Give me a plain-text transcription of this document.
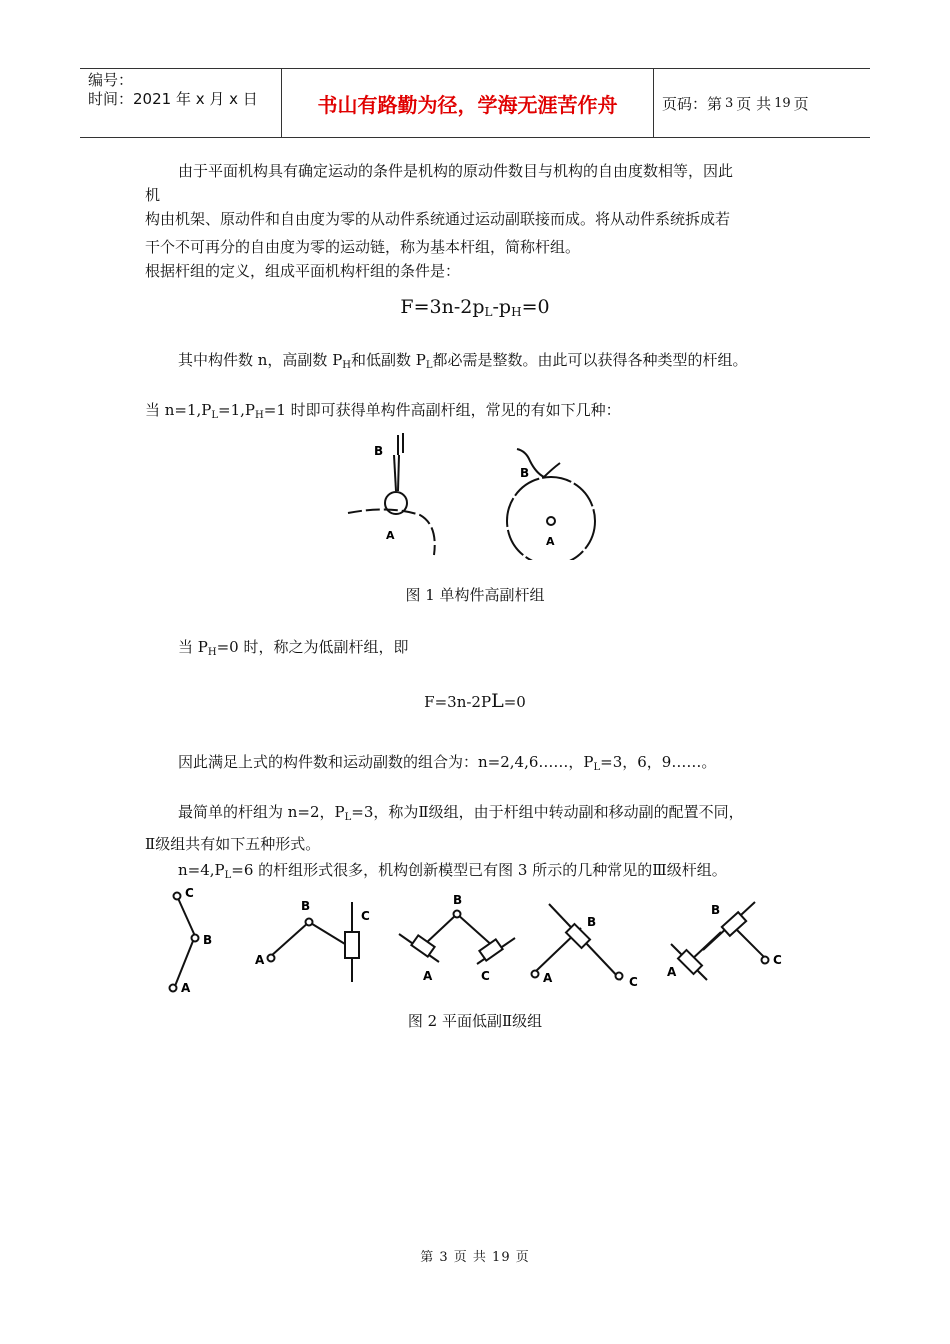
编号：
时间：2021 年 x 月 x 日	书山有路勤为径，学海无涯苦作舟	页码：第 3 页 共 19 页
由于平面机构具有确定运动的条件是机构的原动件数目与机构的自由度数相等，因此
机
构由机架、原动件和自由度为零的从动件系统通过运动副联接而成。将从动件系统拆成若
干个不可再分的自由度为零的运动链，称为基本杆组，简称杆组。
根据杆组的定义，组成平面机构杆组的条件是：
$F=3n-2p_L-p_H=0$
其中构件数 n，高副数 $P_H$和低副数 $P_L$都必需是整数。由此可以获得各种类型的杆组。
当 $n=1,P_L=1,P_H=1$ 时即可获得单构件高副杆组，常见的有如下几种：
B
A
B
A
图 1 单构件高副杆组
当 $P_H=0$ 时，称之为低副杆组，即
F=3n-2PL=0
因此满足上式的构件数和运动副数的组合为：n=2,4,6……，$P_L=3$，6，9……。
最简单的杆组为 n=2，$P_L=3$，称为Ⅱ级组，由于杆组中转动副和移动副的配置不同，
Ⅱ级组共有如下五种形式。
$n=4,P_L=6$ 的杆组形式很多，机构创新模型已有图 3 所示的几种常见的Ⅲ级杆组。
C
B
A
B
C
A
B
A	C
B
A	C
B
A
C
图 2 平面低副Ⅱ级组
第 3 页 共 19 页
